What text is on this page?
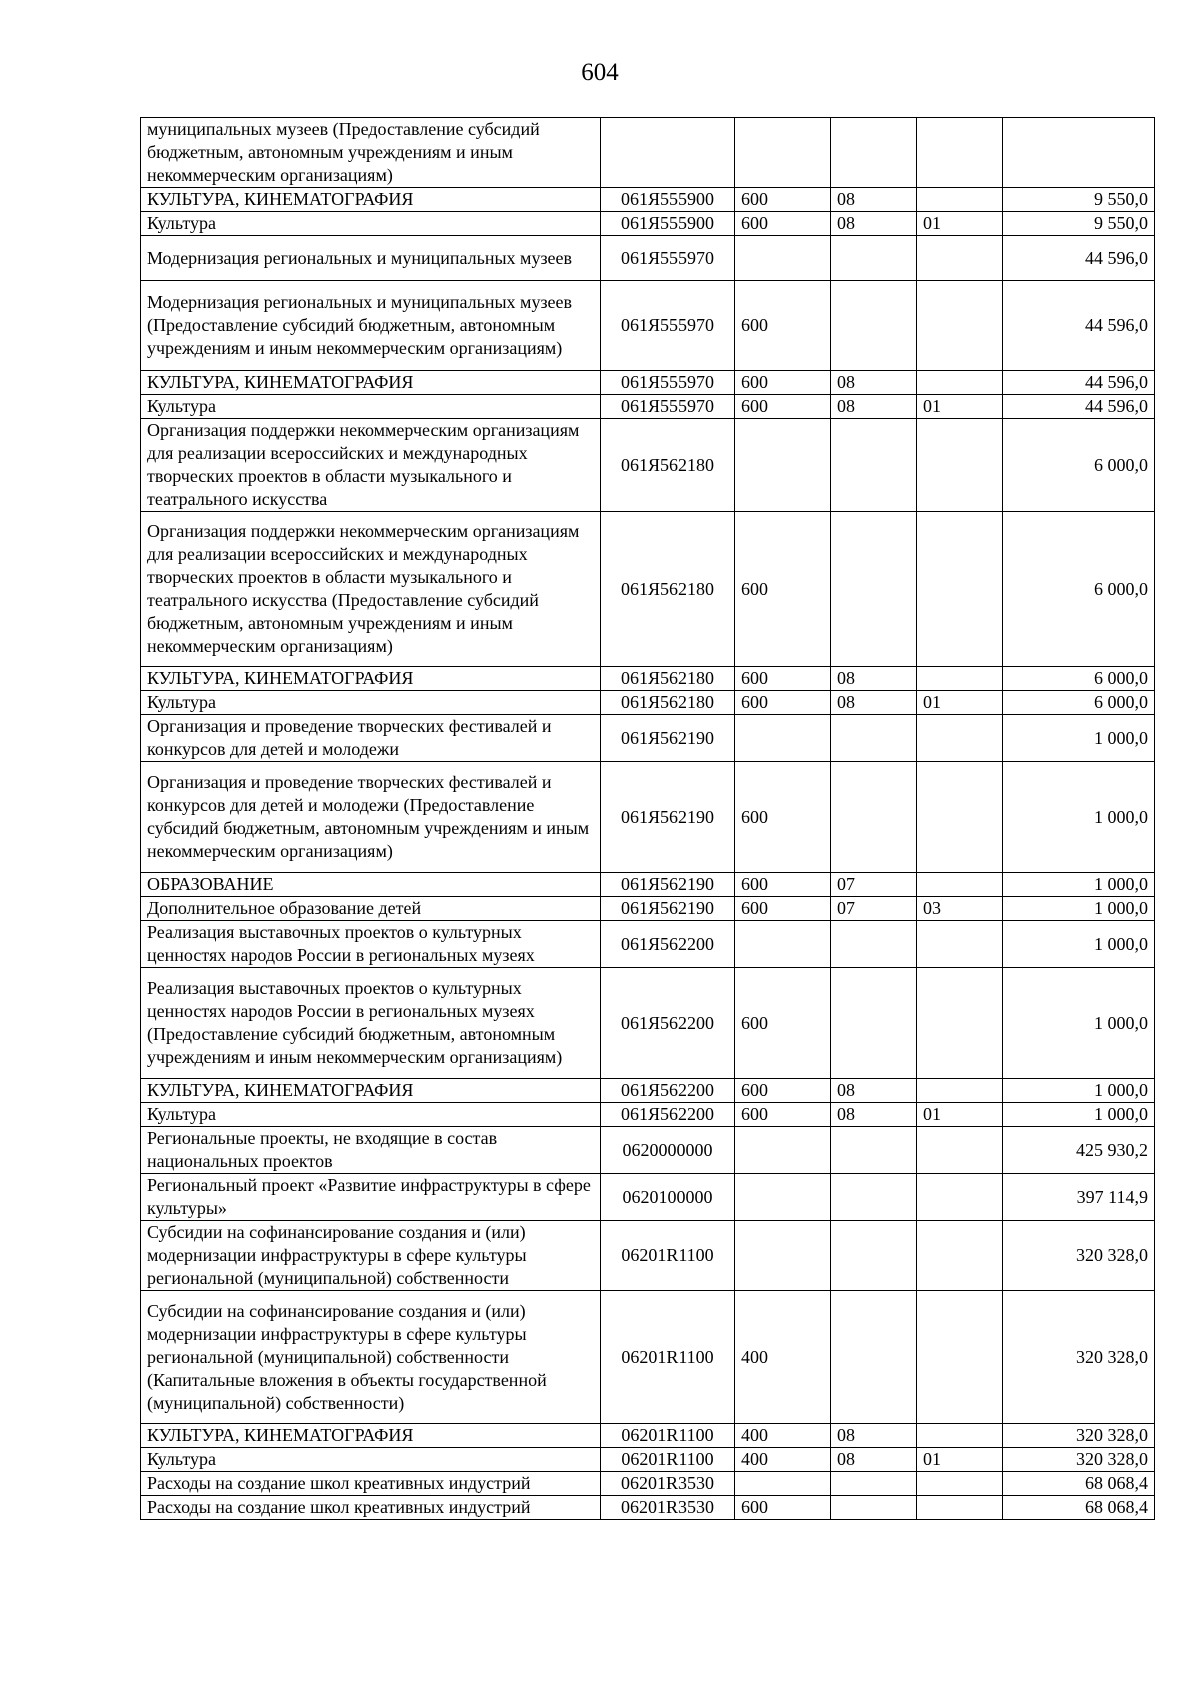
604
муниципальных музеев (Предоставление субсидий бюджетным, автономным учреждениям и иным некоммерческим организациям)					
КУЛЬТУРА, КИНЕМАТОГРАФИЯ	061Я555900	600	08		9 550,0
Культура	061Я555900	600	08	01	9 550,0
Модернизация региональных и муниципальных музеев	061Я555970				44 596,0
Модернизация региональных и муниципальных музеев (Предоставление субсидий бюджетным, автономным учреждениям и иным некоммерческим организациям)	061Я555970	600			44 596,0
КУЛЬТУРА, КИНЕМАТОГРАФИЯ	061Я555970	600	08		44 596,0
Культура	061Я555970	600	08	01	44 596,0
Организация поддержки некоммерческим организациям для реализации всероссийских и международных творческих проектов в области музыкального и театрального искусства	061Я562180				6 000,0
Организация поддержки некоммерческим организациям для реализации всероссийских и международных творческих проектов в области музыкального и театрального искусства (Предоставление субсидий бюджетным, автономным учреждениям и иным некоммерческим организациям)	061Я562180	600			6 000,0
КУЛЬТУРА, КИНЕМАТОГРАФИЯ	061Я562180	600	08		6 000,0
Культура	061Я562180	600	08	01	6 000,0
Организация и проведение творческих фестивалей и конкурсов для детей и молодежи	061Я562190				1 000,0
Организация и проведение творческих фестивалей и конкурсов для детей и молодежи (Предоставление субсидий бюджетным, автономным учреждениям и иным некоммерческим организациям)	061Я562190	600			1 000,0
ОБРАЗОВАНИЕ	061Я562190	600	07		1 000,0
Дополнительное образование детей	061Я562190	600	07	03	1 000,0
Реализация выставочных проектов о культурных ценностях народов России в региональных музеях	061Я562200				1 000,0
Реализация выставочных проектов о культурных ценностях народов России в региональных музеях (Предоставление субсидий бюджетным, автономным учреждениям и иным некоммерческим организациям)	061Я562200	600			1 000,0
КУЛЬТУРА, КИНЕМАТОГРАФИЯ	061Я562200	600	08		1 000,0
Культура	061Я562200	600	08	01	1 000,0
Региональные проекты, не входящие в состав национальных проектов	0620000000				425 930,2
Региональный проект «Развитие инфраструктуры в сфере культуры»	0620100000				397 114,9
Субсидии на софинансирование создания и (или) модернизации инфраструктуры в сфере культуры региональной (муниципальной) собственности	06201R1100				320 328,0
Субсидии на софинансирование создания и (или) модернизации инфраструктуры в сфере культуры региональной (муниципальной) собственности (Капитальные вложения в объекты государственной (муниципальной) собственности)	06201R1100	400			320 328,0
КУЛЬТУРА, КИНЕМАТОГРАФИЯ	06201R1100	400	08		320 328,0
Культура	06201R1100	400	08	01	320 328,0
Расходы на создание школ креативных индустрий	06201R3530				68 068,4
Расходы на создание школ креативных индустрий	06201R3530	600			68 068,4
